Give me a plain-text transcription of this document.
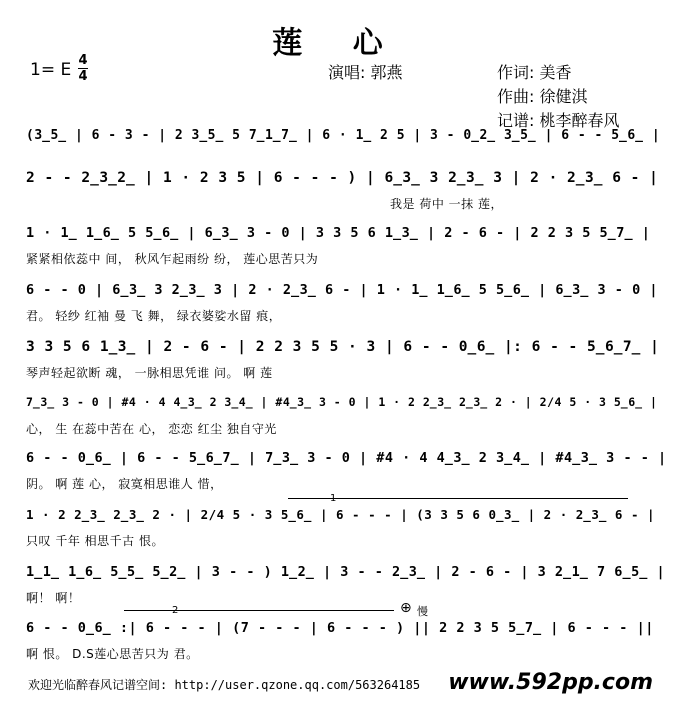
莲 心
1= E 4
4	演唱: 郭燕	作词: 美香
作曲: 徐健淇
记谱: 桃李醉春风
(3̲5̲ | 6 - 3 - | 2 3̲5̲ 5 7̲1̲7̲ | 6 · 1̲ 2 5 | 3 - 0̲2̲ 3̲5̲ | 6 - - 5̲6̲ |
2 - - 2̲3̲2̲ | 1 · 2 3 5 | 6 - - - ) | 6̲3̲ 3 2̲3̲ 3 | 2 · 2̲3̲ 6 - |
我是 荷中 一抹 莲，
1 · 1̲ 1̲6̲ 5 5̲6̲ | 6̲3̲ 3 - 0 | 3 3 5 6 1̲3̲ | 2 - 6 - | 2 2 3 5 5̲7̲ |
紧紧相依蕊中 间， 秋风乍起雨纷 纷， 莲心思苦只为
6 - - 0 | 6̲3̲ 3 2̲3̲ 3 | 2 · 2̲3̲ 6 - | 1 · 1̲ 1̲6̲ 5 5̲6̲ | 6̲3̲ 3 - 0 |
君。 轻纱 红袖 曼 飞 舞， 绿衣婆娑水留 痕，
3 3 5 6 1̲3̲ | 2 - 6 - | 2 2 3 5 5 · 3 | 6 - - 0̲6̲ |: 6 - - 5̲6̲7̲ |
琴声轻起欲断 魂， 一脉相思凭谁 问。 啊 莲
7̲3̲ 3 - 0 | #4 · 4 4̲3̲ 2 3̲4̲ | #4̲3̲ 3 - 0 | 1 · 2 2̲3̲ 2̲3̲ 2 · | 2/4 5 · 3 5̲6̲ |
心， 生 在蕊中苦在 心， 恋恋 红尘 独自守光
6 - - 0̲6̲ | 6 - - 5̲6̲7̲ | 7̲3̲ 3 - 0 | #4 · 4 4̲3̲ 2 3̲4̲ | #4̲3̲ 3 - - |
阴。 啊 莲 心， 寂寞相思谁人 惜，
1
1 · 2 2̲3̲ 2̲3̲ 2 · | 2/4 5 · 3 5̲6̲ | 6 - - - | (3 3 5 6 0̲3̲ | 2 · 2̲3̲ 6 - |
只叹 千年 相思千古 恨。
1̲1̲ 1̲6̲ 5̲5̲ 5̲2̲ | 3 - - ) 1̲2̲ | 3 - - 2̲3̲ | 2 - 6 - | 3 2̲1̲ 7 6̲5̲ |
啊！ 啊！
2	⊕ 慢
6 - - 0̲6̲ :| 6 - - - | (7 - - - | 6 - - - ) || 2 2 3 5 5̲7̲ | 6 - - - ||
啊 恨。 D.S莲心思苦只为 君。
欢迎光临醉春风记谱空间: http://user.qzone.qq.com/563264185 www.592pp.com
